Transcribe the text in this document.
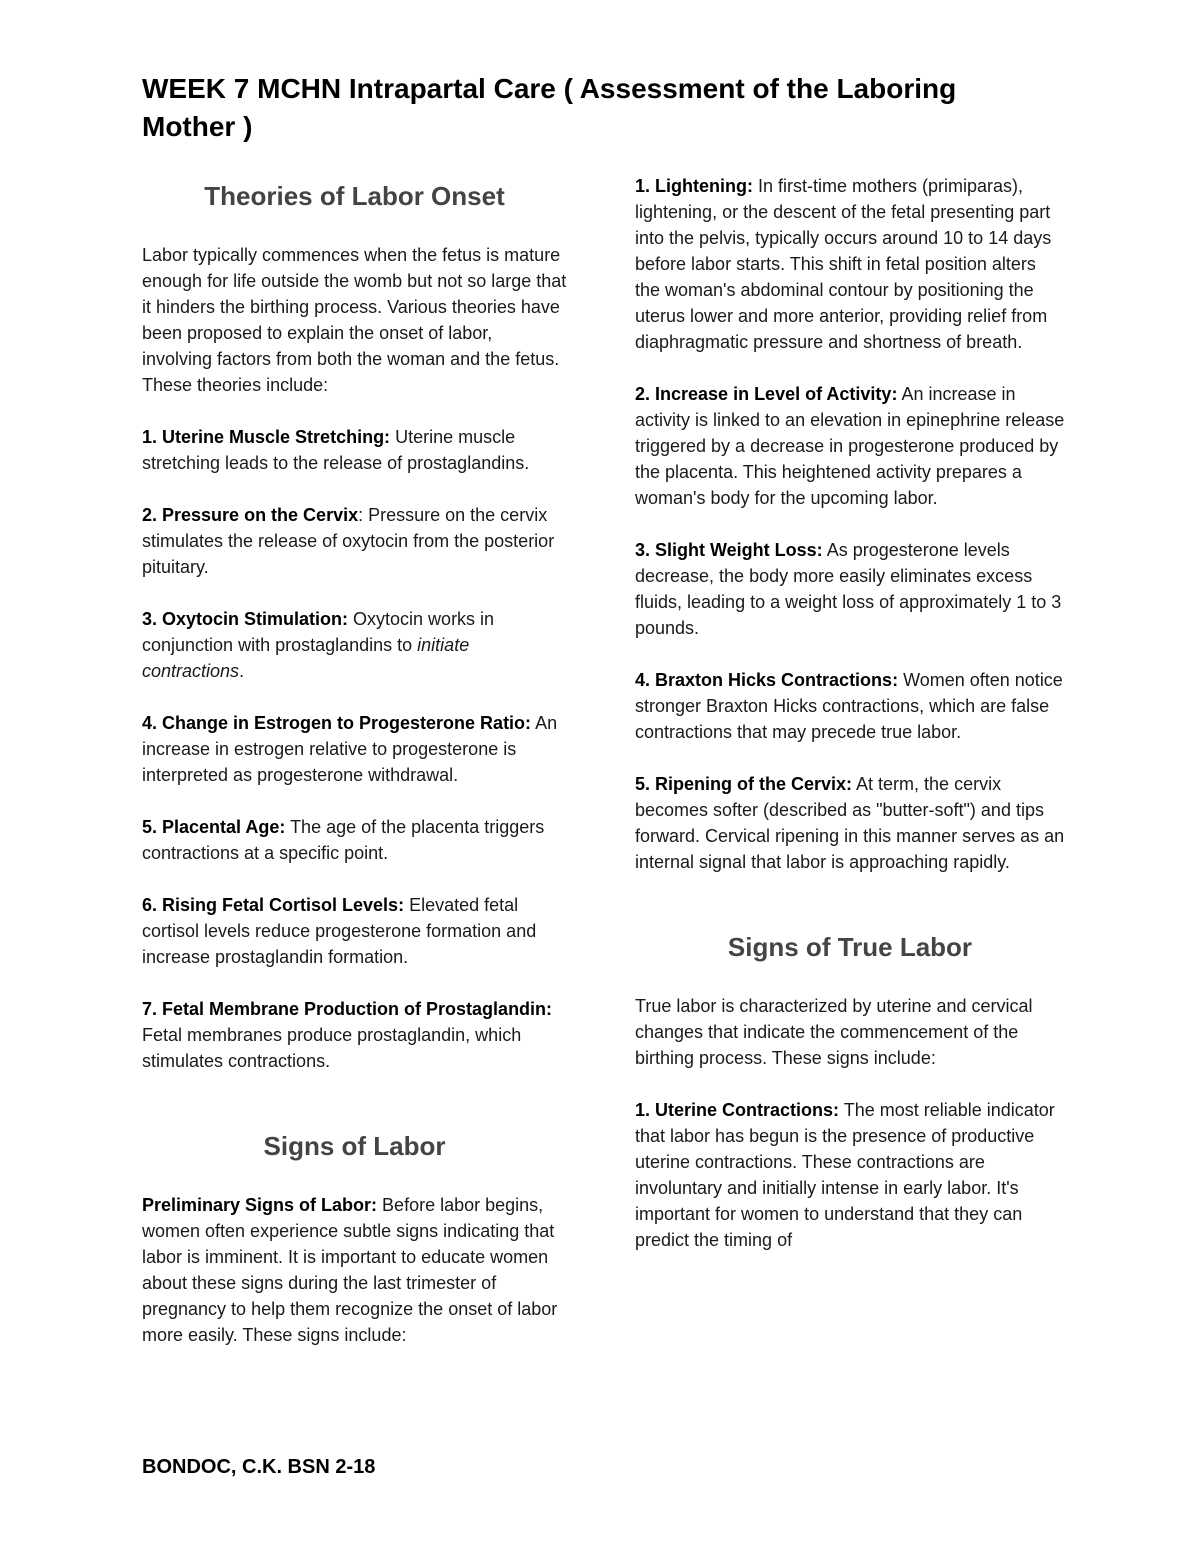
WEEK 7 MCHN Intrapartal Care ( Assessment of the Laboring Mother )

Theories of Labor Onset

Labor typically commences when the fetus is mature enough for life outside the womb but not so large that it hinders the birthing process. Various theories have been proposed to explain the onset of labor, involving factors from both the woman and the fetus. These theories include:

1. Uterine Muscle Stretching: Uterine muscle stretching leads to the release of prostaglandins.

2. Pressure on the Cervix: Pressure on the cervix stimulates the release of oxytocin from the posterior pituitary.

3. Oxytocin Stimulation: Oxytocin works in conjunction with prostaglandins to initiate contractions.

4. Change in Estrogen to Progesterone Ratio: An increase in estrogen relative to progesterone is interpreted as progesterone withdrawal.

5. Placental Age: The age of the placenta triggers contractions at a specific point.

6. Rising Fetal Cortisol Levels: Elevated fetal cortisol levels reduce progesterone formation and increase prostaglandin formation.

7. Fetal Membrane Production of Prostaglandin: Fetal membranes produce prostaglandin, which stimulates contractions.

Signs of Labor

Preliminary Signs of Labor: Before labor begins, women often experience subtle signs indicating that labor is imminent. It is important to educate women about these signs during the last trimester of pregnancy to help them recognize the onset of labor more easily. These signs include:

1. Lightening: In first-time mothers (primiparas), lightening, or the descent of the fetal presenting part into the pelvis, typically occurs around 10 to 14 days before labor starts. This shift in fetal position alters the woman's abdominal contour by positioning the uterus lower and more anterior, providing relief from diaphragmatic pressure and shortness of breath.

2. Increase in Level of Activity: An increase in activity is linked to an elevation in epinephrine release triggered by a decrease in progesterone produced by the placenta. This heightened activity prepares a woman's body for the upcoming labor.

3. Slight Weight Loss: As progesterone levels decrease, the body more easily eliminates excess fluids, leading to a weight loss of approximately 1 to 3 pounds.

4. Braxton Hicks Contractions: Women often notice stronger Braxton Hicks contractions, which are false contractions that may precede true labor.

5. Ripening of the Cervix: At term, the cervix becomes softer (described as "butter-soft") and tips forward. Cervical ripening in this manner serves as an internal signal that labor is approaching rapidly.

Signs of True Labor

True labor is characterized by uterine and cervical changes that indicate the commencement of the birthing process. These signs include:

1. Uterine Contractions: The most reliable indicator that labor has begun is the presence of productive uterine contractions. These contractions are involuntary and initially intense in early labor. It's important for women to understand that they can predict the timing of

BONDOC, C.K. BSN 2-18
